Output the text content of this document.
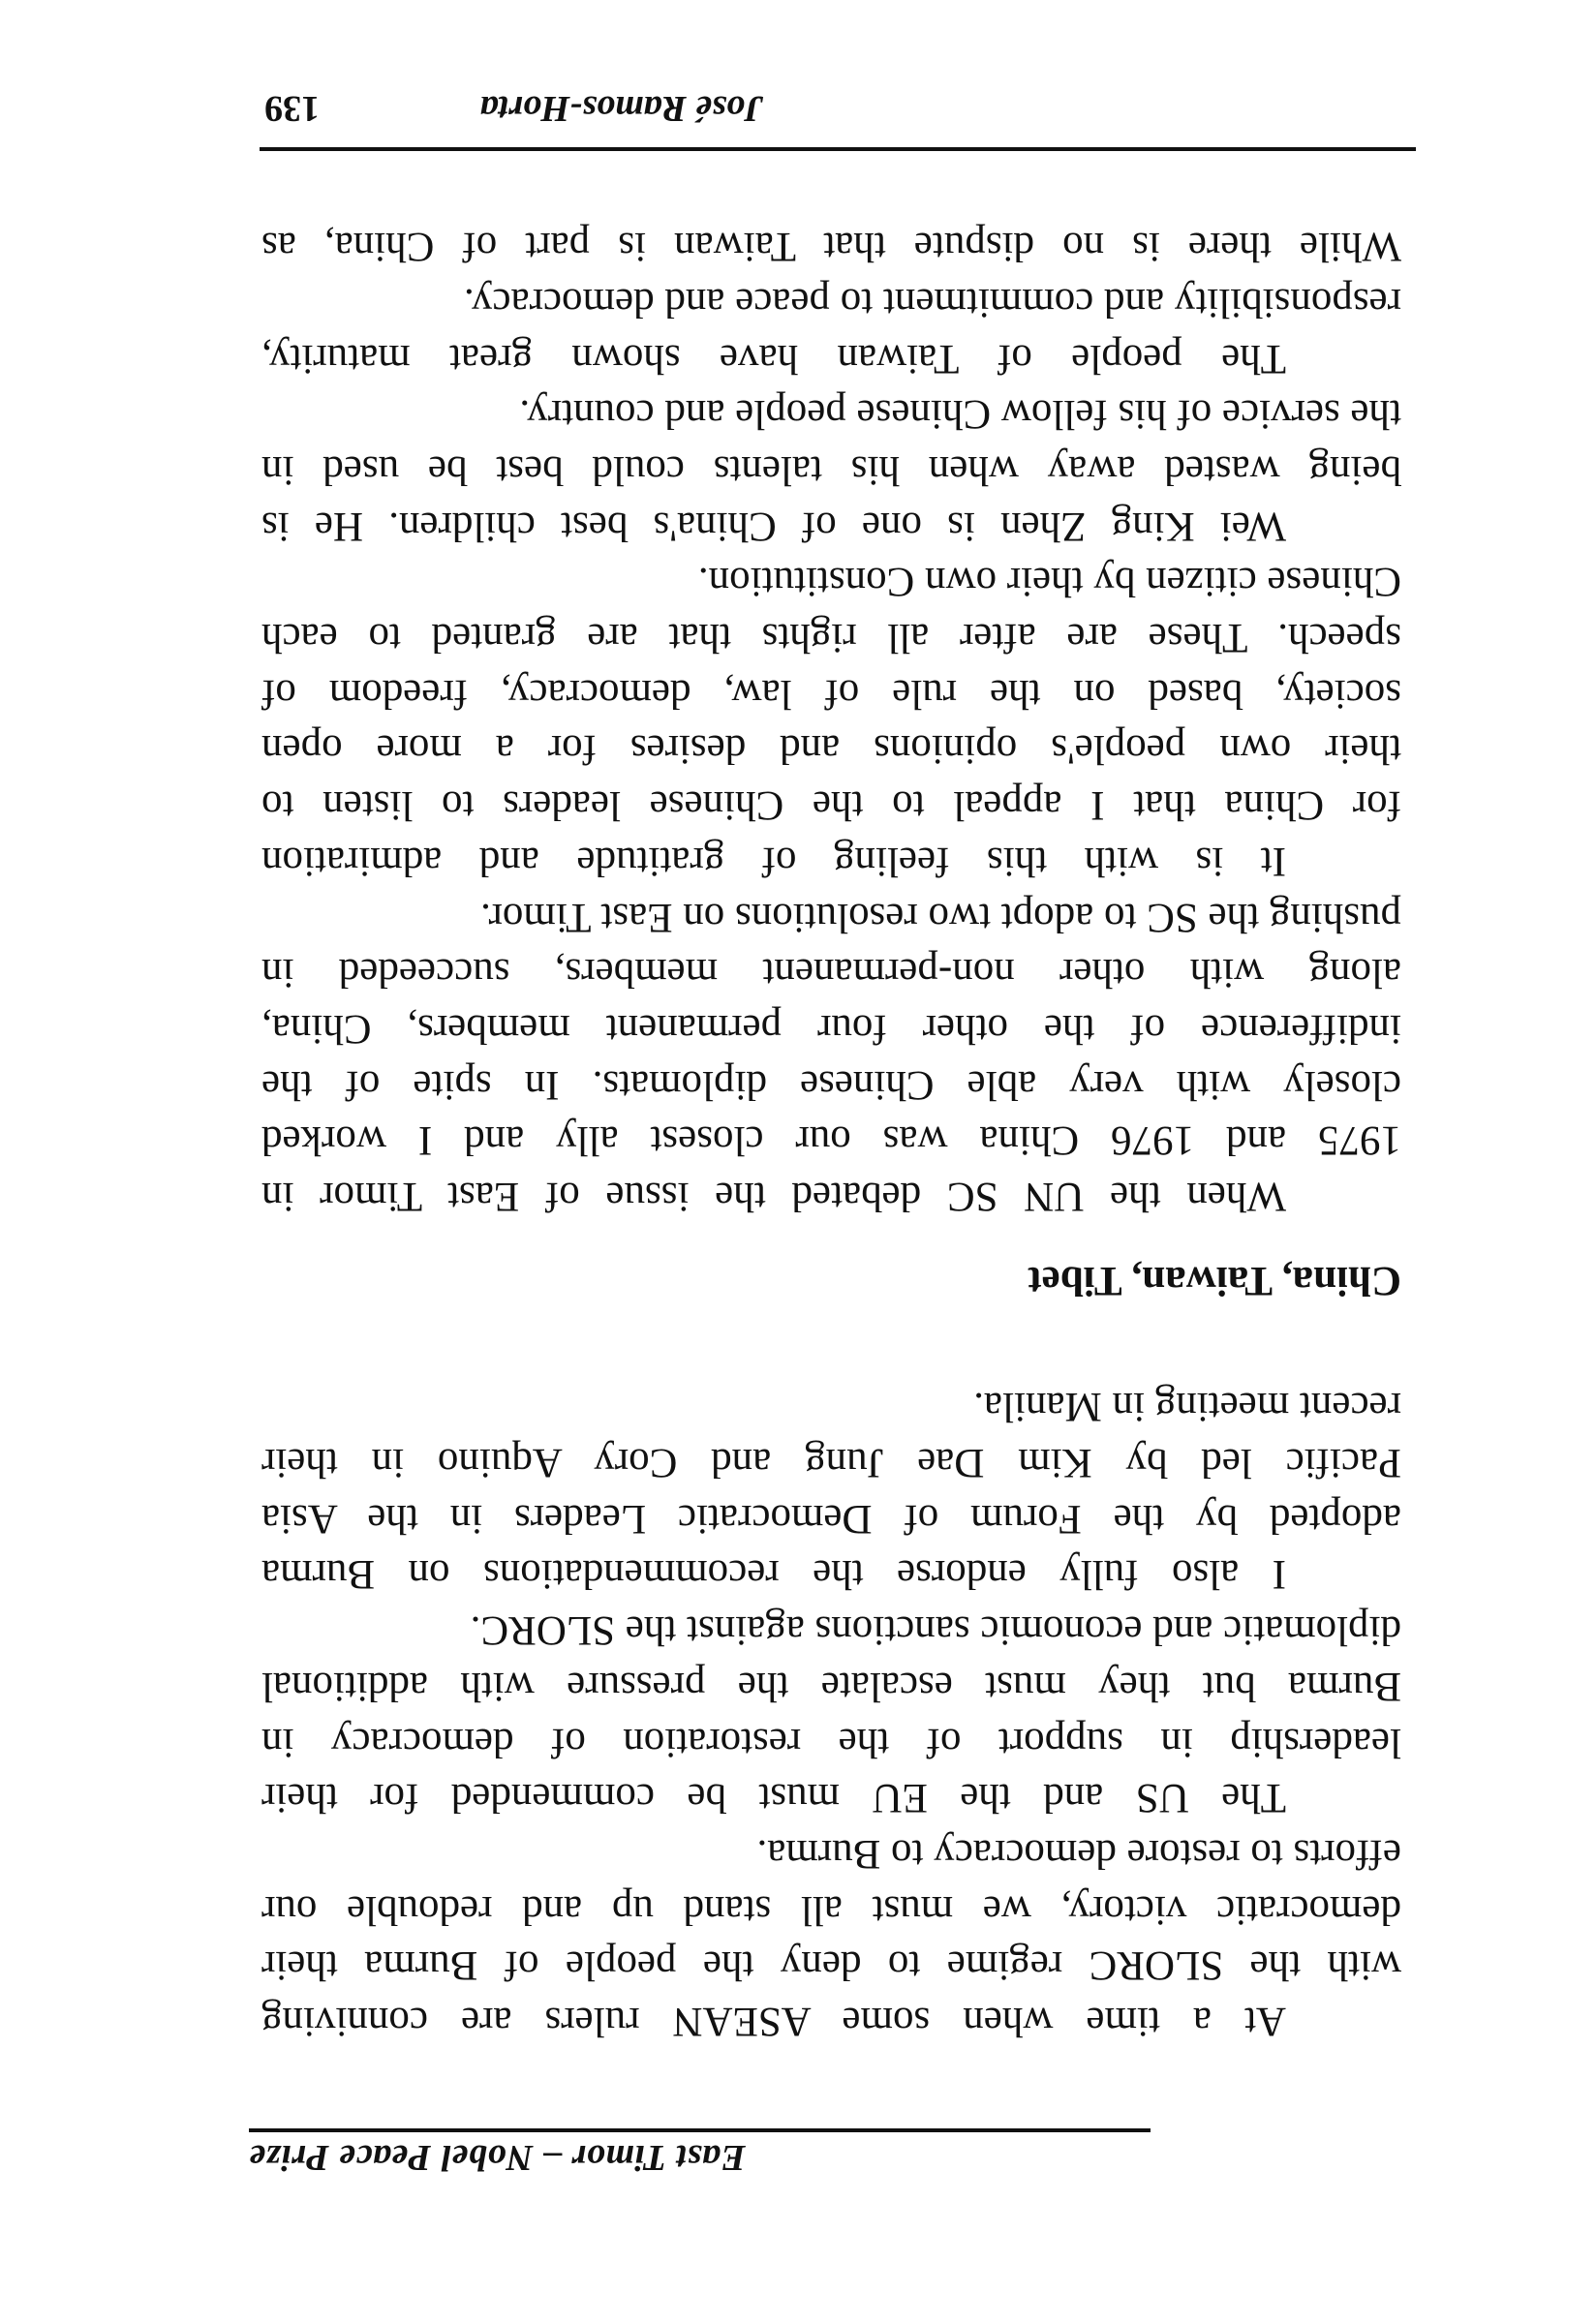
East Timor – Nobel Peace Prize
At a time when some ASEAN rulers are conniving
with the SLORC regime to deny the people of Burma their
democratic victory, we must all stand up and redouble our
efforts to restore democracy to Burma.
The US and the EU must be commended for their
leadership in support of the restoration of democracy in
Burma but they must escalate the pressure with additional
diplomatic and economic sanctions against the SLORC.
I also fully endorse the recommendations on Burma
adopted by the Forum of Democratic Leaders in the Asia
Pacific led by Kim Dae Jung and Cory Aquino in their
recent meeting in Manila.
China, Taiwan, Tibet
When the UN SC debated the issue of East Timor in
1975 and 1976 China was our closest ally and I worked
closely with very able Chinese diplomats. In spite of the
indifference of the other four permanent members, China,
along with other non-permanent members, succeeded in
pushing the SC to adopt two resolutions on East Timor.
It is with this feeling of gratitude and admiration
for China that I appeal to the Chinese leaders to listen to
their own people's opinions and desires for a more open
society, based on the rule of law, democracy, freedom of
speech. These are after all rights that are granted to each
Chinese citizen by their own Constitution.
Wei King Zhen is one of China's best children. He is
being wasted away when his talents could best be used in
the service of his fellow Chinese people and country.
The people of Taiwan have shown great maturity,
responsibility and commitment to peace and democracy.
While there is no dispute that Taiwan is part of China, as
José Ramos-Horta
139
